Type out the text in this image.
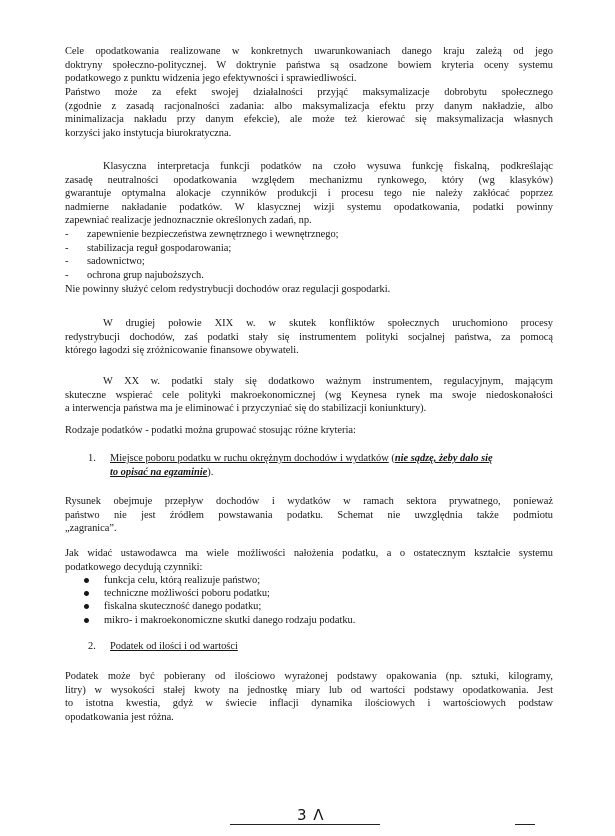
Cele opodatkowania realizowane w konkretnych uwarunkowaniach danego kraju zależą od jego
doktryny społeczno-politycznej. W doktrynie państwa są osadzone bowiem kryteria oceny systemu
podatkowego z punktu widzenia jego efektywności i sprawiedliwości.

Państwo może za efekt swojej działalności przyjąć maksymalizacje dobrobytu społecznego
(zgodnie z zasadą racjonalności zadania: albo maksymalizacja efektu przy danym nakładzie, albo
minimalizacja nakładu przy danym efekcie), ale może też kierować się maksymalizacja własnych
korzyści jako instytucja biurokratyczna.

Klasyczna interpretacja funkcji podatków na czoło wysuwa funkcję fiskalną, podkreślając
zasadę neutralności opodatkowania względem mechanizmu rynkowego, który (wg klasyków)
gwarantuje optymalna alokacje czynników produkcji i procesu tego nie należy zakłócać poprzez
nadmierne nakładanie podatków. W klasycznej wizji systemu opodatkowania, podatki powinny
zapewniać realizacje jednoznacznie określonych zadań, np.

- zapewnienie bezpieczeństwa zewnętrznego i wewnętrznego;
- stabilizacja reguł gospodarowania;
- sadownictwo;
- ochrona grup najuboższych.

Nie powinny służyć celom redystrybucji dochodów oraz regulacji gospodarki.

W drugiej połowie XIX w. w skutek konfliktów społecznych uruchomiono procesy
redystrybucji dochodów, zaś podatki stały się instrumentem polityki socjalnej państwa, za pomocą
którego łagodzi się zróżnicowanie finansowe obywateli.

W XX w. podatki stały się dodatkowo ważnym instrumentem, regulacyjnym, mającym
skuteczne wspierać cele polityki makroekonomicznej (wg Keynesa rynek ma swoje niedoskonałości
a interwencja państwa ma je eliminować i przyczyniać się do stabilizacji koniunktury).

Rodzaje podatków - podatki można grupować stosując różne kryteria:

1. Miejsce poboru podatku w ruchu okrężnym dochodów i wydatków (nie sądzę, żeby dało się
to opisać na egzaminie).

Rysunek obejmuje przepływ dochodów i wydatków w ramach sektora prywatnego, ponieważ
państwo nie jest źródłem powstawania podatku. Schemat nie uwzględnia także podmiotu
„zagranica”.

Jak widać ustawodawca ma wiele możliwości nałożenia podatku, a o ostatecznym kształcie systemu
podatkowego decydują czynniki:

funkcja celu, którą realizuje państwo;
techniczne możliwości poboru podatku;
fiskalna skuteczność danego podatku;
mikro- i makroekonomiczne skutki danego rodzaju podatku.
2. Podatek od ilości i od wartości

Podatek może być pobierany od ilościowo wyrażonej podstawy opakowania (np. sztuki, kilogramy,
litry) w wysokości stałej kwoty na jednostkę miary lub od wartości podstawy opodatkowania. Jest
to istotna kwestia, gdyż w świecie inflacji dynamika ilościowych i wartościowych podstaw
opodatkowania jest różna.

3 Λ
